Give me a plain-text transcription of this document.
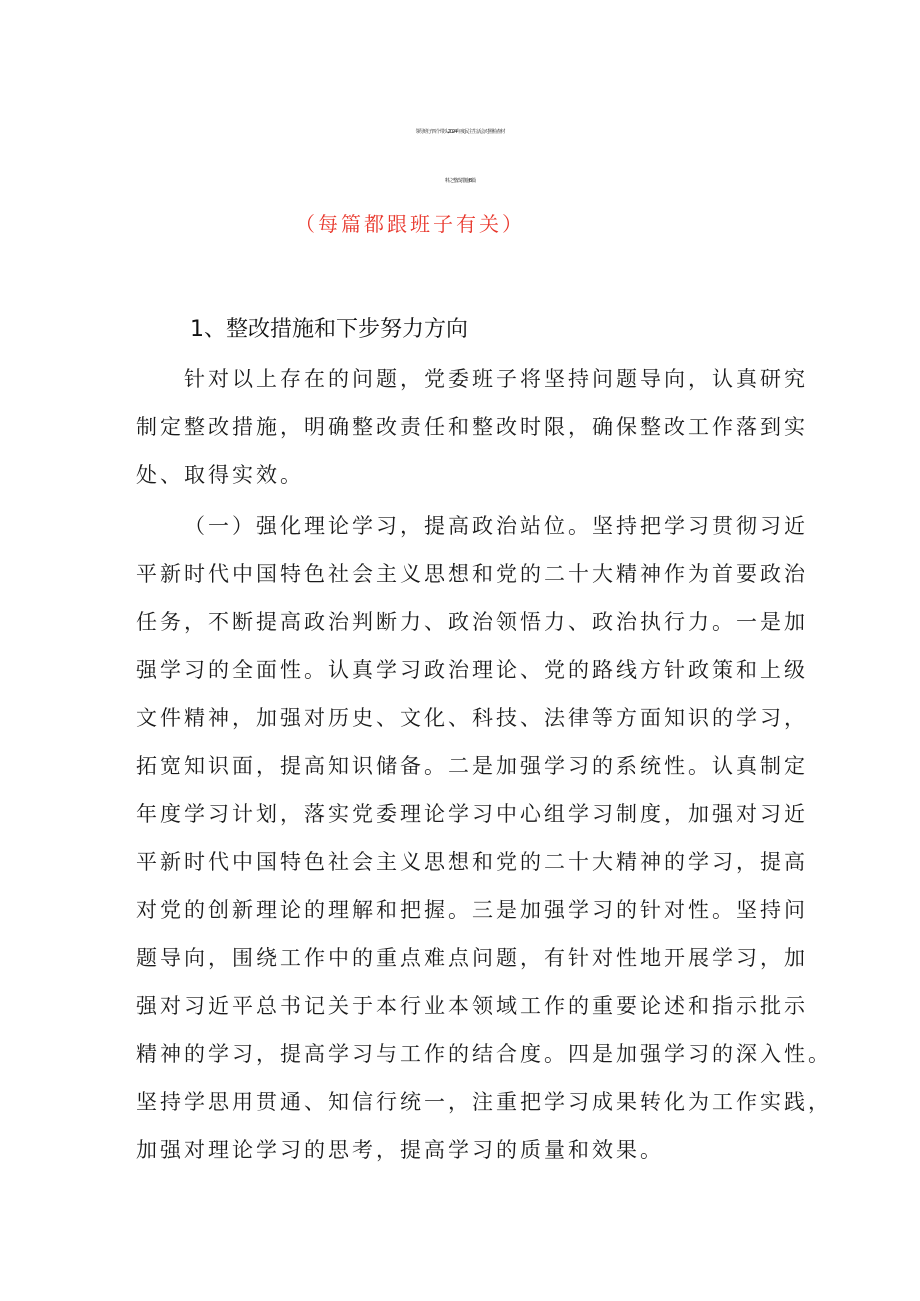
领导班子四个带头2024年度民主生活会对照检查材
料之整改措施8篇
（每篇都跟班子有关）
1、整改措施和下步努力方向
针对以上存在的问题，党委班子将坚持问题导向，认真研究
制定整改措施，明确整改责任和整改时限，确保整改工作落到实
处、取得实效。
（一）强化理论学习，提高政治站位。坚持把学习贯彻习近
平新时代中国特色社会主义思想和党的二十大精神作为首要政治
任务，不断提高政治判断力、政治领悟力、政治执行力。一是加
强学习的全面性。认真学习政治理论、党的路线方针政策和上级
文件精神，加强对历史、文化、科技、法律等方面知识的学习，
拓宽知识面，提高知识储备。二是加强学习的系统性。认真制定
年度学习计划，落实党委理论学习中心组学习制度，加强对习近
平新时代中国特色社会主义思想和党的二十大精神的学习，提高
对党的创新理论的理解和把握。三是加强学习的针对性。坚持问
题导向，围绕工作中的重点难点问题，有针对性地开展学习，加
强对习近平总书记关于本行业本领域工作的重要论述和指示批示
精神的学习，提高学习与工作的结合度。四是加强学习的深入性。
坚持学思用贯通、知信行统一，注重把学习成果转化为工作实践，
加强对理论学习的思考，提高学习的质量和效果。
